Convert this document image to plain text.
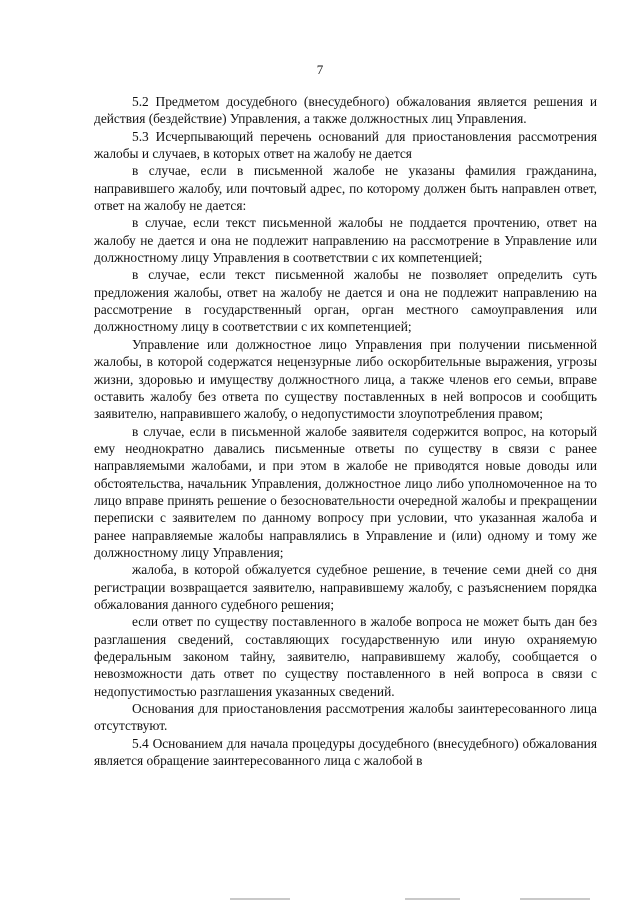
7

5.2 Предметом досудебного (внесудебного) обжалования является решения и действия (бездействие) Управления, а также должностных лиц Управления.

5.3 Исчерпывающий перечень оснований для приостановления рассмотрения жалобы и случаев, в которых ответ на жалобу не дается

в случае, если в письменной жалобе не указаны фамилия гражданина, направившего жалобу, или почтовый адрес, по которому должен быть направлен ответ, ответ на жалобу не дается:

в случае, если текст письменной жалобы не поддается прочтению, ответ на жалобу не дается и она не подлежит направлению на рассмотрение в Управление или должностному лицу Управления в соответствии с их компетенцией;

в случае, если текст письменной жалобы не позволяет определить суть предложения жалобы, ответ на жалобу не дается и она не подлежит направлению на рассмотрение в государственный орган, орган местного самоуправления или должностному лицу в соответствии с их компетенцией;

Управление или должностное лицо Управления при получении письменной жалобы, в которой содержатся нецензурные либо оскорбительные выражения, угрозы жизни, здоровью и имуществу должностного лица, а также членов его семьи, вправе оставить жалобу без ответа по существу поставленных в ней вопросов и сообщить заявителю, направившего жалобу, о недопустимости злоупотребления правом;

в случае, если в письменной жалобе заявителя содержится вопрос, на который ему неоднократно давались письменные ответы по существу в связи с ранее направляемыми жалобами, и при этом в жалобе не приводятся новые доводы или обстоятельства, начальник Управления, должностное лицо либо уполномоченное на то лицо вправе принять решение о безосновательности очередной жалобы и прекращении переписки с заявителем по данному вопросу при условии, что указанная жалоба и ранее направляемые жалобы направлялись в Управление и (или) одному и тому же должностному лицу Управления;

жалоба, в которой обжалуется судебное решение, в течение семи дней со дня регистрации возвращается заявителю, направившему жалобу, с разъяснением порядка обжалования данного судебного решения;

если ответ по существу поставленного в жалобе вопроса не может быть дан без разглашения сведений, составляющих государственную или иную охраняемую федеральным законом тайну, заявителю, направившему жалобу, сообщается о невозможности дать ответ по существу поставленного в ней вопроса в связи с недопустимостью разглашения указанных сведений.

Основания для приостановления рассмотрения жалобы заинтересованного лица отсутствуют.

5.4 Основанием для начала процедуры досудебного (внесудебного) обжалования является обращение заинтересованного лица с жалобой в
